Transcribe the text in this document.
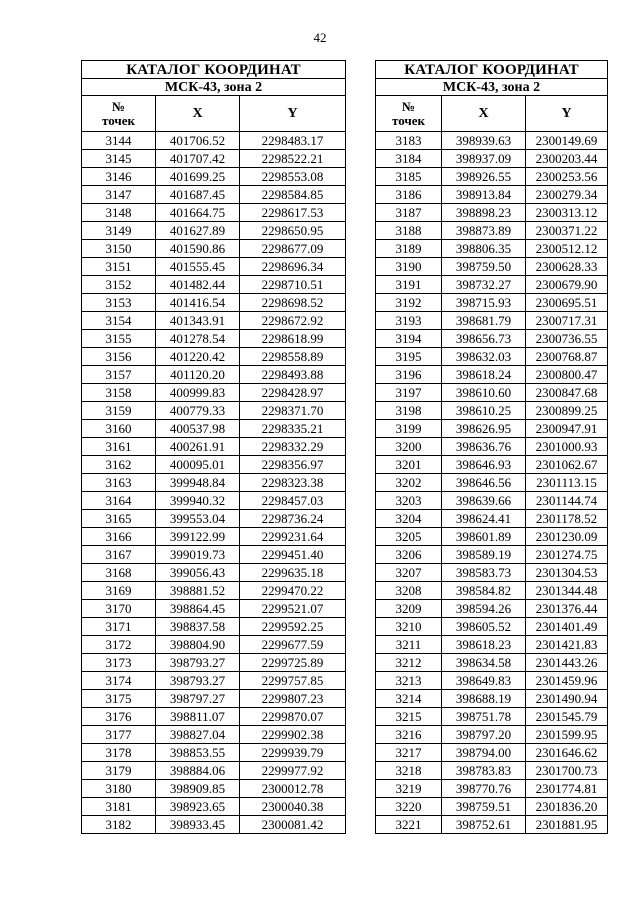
42
КАТАЛОГ КООРДИНАТ		
МСК-43, зона 2		
№
точек	X	Y
3144	401706.52	2298483.17
3145	401707.42	2298522.21
3146	401699.25	2298553.08
3147	401687.45	2298584.85
3148	401664.75	2298617.53
3149	401627.89	2298650.95
3150	401590.86	2298677.09
3151	401555.45	2298696.34
3152	401482.44	2298710.51
3153	401416.54	2298698.52
3154	401343.91	2298672.92
3155	401278.54	2298618.99
3156	401220.42	2298558.89
3157	401120.20	2298493.88
3158	400999.83	2298428.97
3159	400779.33	2298371.70
3160	400537.98	2298335.21
3161	400261.91	2298332.29
3162	400095.01	2298356.97
3163	399948.84	2298323.38
3164	399940.32	2298457.03
3165	399553.04	2298736.24
3166	399122.99	2299231.64
3167	399019.73	2299451.40
3168	399056.43	2299635.18
3169	398881.52	2299470.22
3170	398864.45	2299521.07
3171	398837.58	2299592.25
3172	398804.90	2299677.59
3173	398793.27	2299725.89
3174	398793.27	2299757.85
3175	398797.27	2299807.23
3176	398811.07	2299870.07
3177	398827.04	2299902.38
3178	398853.55	2299939.79
3179	398884.06	2299977.92
3180	398909.85	2300012.78
3181	398923.65	2300040.38
3182	398933.45	2300081.42
КАТАЛОГ КООРДИНАТ		
МСК-43, зона 2		
№
точек	X	Y
3183	398939.63	2300149.69
3184	398937.09	2300203.44
3185	398926.55	2300253.56
3186	398913.84	2300279.34
3187	398898.23	2300313.12
3188	398873.89	2300371.22
3189	398806.35	2300512.12
3190	398759.50	2300628.33
3191	398732.27	2300679.90
3192	398715.93	2300695.51
3193	398681.79	2300717.31
3194	398656.73	2300736.55
3195	398632.03	2300768.87
3196	398618.24	2300800.47
3197	398610.60	2300847.68
3198	398610.25	2300899.25
3199	398626.95	2300947.91
3200	398636.76	2301000.93
3201	398646.93	2301062.67
3202	398646.56	2301113.15
3203	398639.66	2301144.74
3204	398624.41	2301178.52
3205	398601.89	2301230.09
3206	398589.19	2301274.75
3207	398583.73	2301304.53
3208	398584.82	2301344.48
3209	398594.26	2301376.44
3210	398605.52	2301401.49
3211	398618.23	2301421.83
3212	398634.58	2301443.26
3213	398649.83	2301459.96
3214	398688.19	2301490.94
3215	398751.78	2301545.79
3216	398797.20	2301599.95
3217	398794.00	2301646.62
3218	398783.83	2301700.73
3219	398770.76	2301774.81
3220	398759.51	2301836.20
3221	398752.61	2301881.95
